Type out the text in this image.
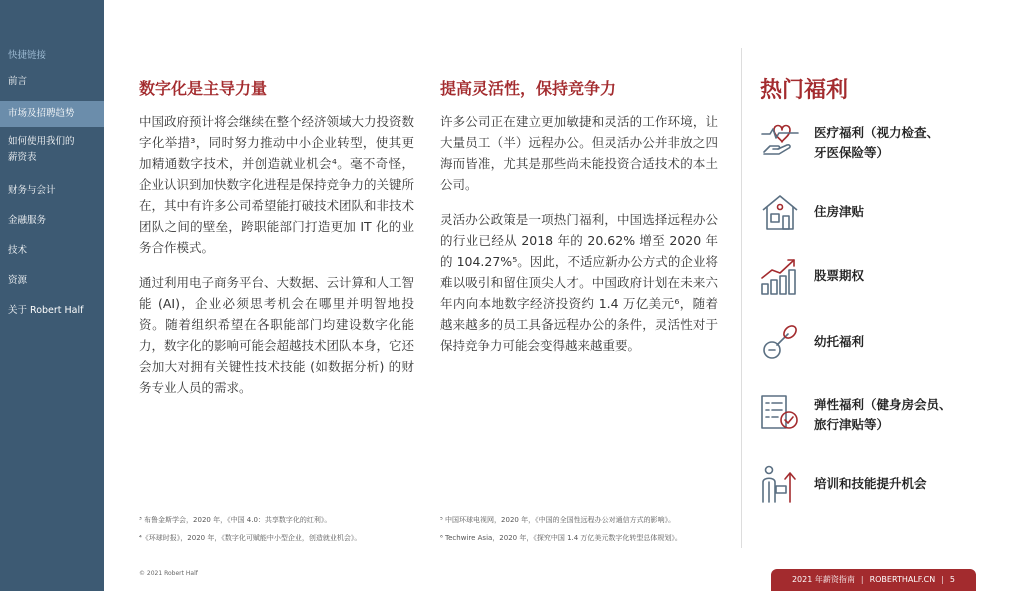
快捷链接
前言
市场及招聘趋势
如何使用我们的
薪资表
财务与会计
金融服务
技术
资源
关于 Robert Half
数字化是主导力量

中国政府预计将会继续在整个经济领域大力投资数字化举措³，同时努力推动中小企业转型，使其更加精通数字技术，并创造就业机会⁴。毫不奇怪，企业认识到加快数字化进程是保持竞争力的关键所在，其中有许多公司希望能打破技术团队和非技术团队之间的壁垒，跨职能部门打造更加 IT 化的业务合作模式。

通过利用电子商务平台、大数据、云计算和人工智能 (AI)，企业必须思考机会在哪里并明智地投资。随着组织希望在各职能部门均建设数字化能力，数字化的影响可能会超越技术团队本身，它还会加大对拥有关键性技术技能 (如数据分析) 的财务专业人员的需求。

提高灵活性，保持竞争力

许多公司正在建立更加敏捷和灵活的工作环境，让大量员工（半）远程办公。但灵活办公并非放之四海而皆准，尤其是那些尚未能投资合适技术的本土公司。

灵活办公政策是一项热门福利，中国选择远程办公的行业已经从 2018 年的 20.62% 增至 2020 年的 104.27%⁵。因此，不适应新办公方式的企业将难以吸引和留住顶尖人才。中国政府计划在未来六年内向本地数字经济投资约 1.4 万亿美元⁶，随着越来越多的员工具备远程办公的条件，灵活性对于保持竞争力可能会变得越来越重要。

热门福利
医疗福利（视力检查、
牙医保险等）
住房津贴
股票期权
幼托福利
弹性福利（健身房会员、
旅行津贴等）
培训和技能提升机会
³ 布鲁金斯学会，2020 年，《中国 4.0：共享数字化的红利》。
⁴《环球时报》，2020 年，《数字化可赋能中小型企业，创造就业机会》。
⁵ 中国环球电视网，2020 年，《中国的全国性远程办公对通信方式的影响》。
⁶ Techwire Asia，2020 年，《探究中国 1.4 万亿美元数字化转型总体规划》。
© 2021 Robert Half
2021 年薪资指南 | ROBERTHALF.CN | 5
